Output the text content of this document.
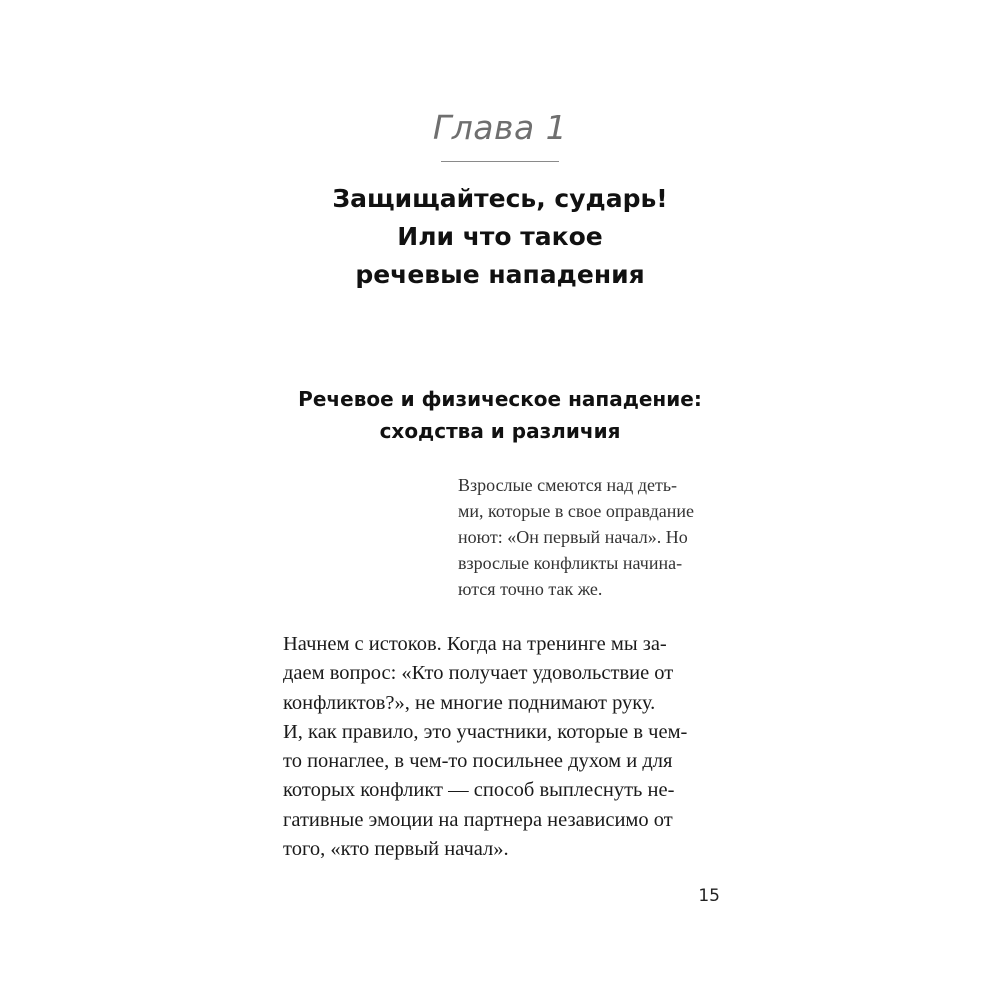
Глава 1
Защищайтесь, сударь!
Или что такое
речевые нападения
Речевое и физическое нападение:
сходства и различия
Взрослые смеются над деть-
ми, которые в свое оправдание
ноют: «Он первый начал». Но
взрослые конфликты начина-
ются точно так же.
Начнем с истоков. Когда на тренинге мы за-
даем вопрос: «Кто получает удовольствие от
конфликтов?», не многие поднимают руку.
И, как правило, это участники, которые в чем-
то понаглее, в чем-то посильнее духом и для
которых конфликт — способ выплеснуть не-
гативные эмоции на партнера независимо от
того, «кто первый начал».
15
